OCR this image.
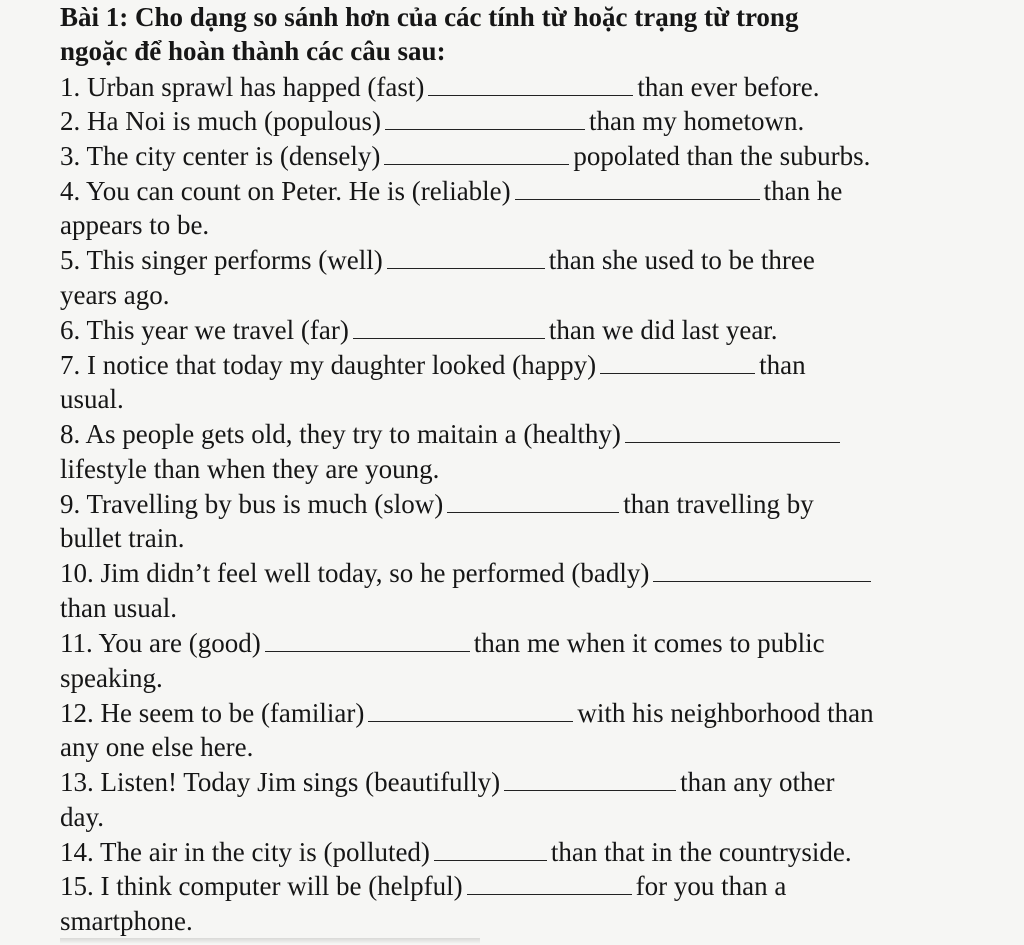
Bài 1: Cho dạng so sánh hơn của các tính từ hoặc trạng từ trong
ngoặc để hoàn thành các câu sau:
1. Urban sprawl has happed (fast)	than ever before.
2. Ha Noi is much (populous)	than my hometown.
3. The city center is (densely)	popolated than the suburbs.
4. You can count on Peter. He is (reliable)	than he
appears to be.
5. This singer performs (well)	than she used to be three
years ago.
6. This year we travel (far)	than we did last year.
7. I notice that today my daughter looked (happy)	than
usual.
8. As people gets old, they try to maitain a (healthy)
lifestyle than when they are young.
9. Travelling by bus is much (slow)	than travelling by
bullet train.
10. Jim didn’t feel well today, so he performed (badly)
than usual.
11. You are (good)	than me when it comes to public
speaking.
12. He seem to be (familiar)	with his neighborhood than
any one else here.
13. Listen! Today Jim sings (beautifully)	than any other
day.
14. The air in the city is (polluted)	than that in the countryside.
15. I think computer will be (helpful)	for you than a
smartphone.
